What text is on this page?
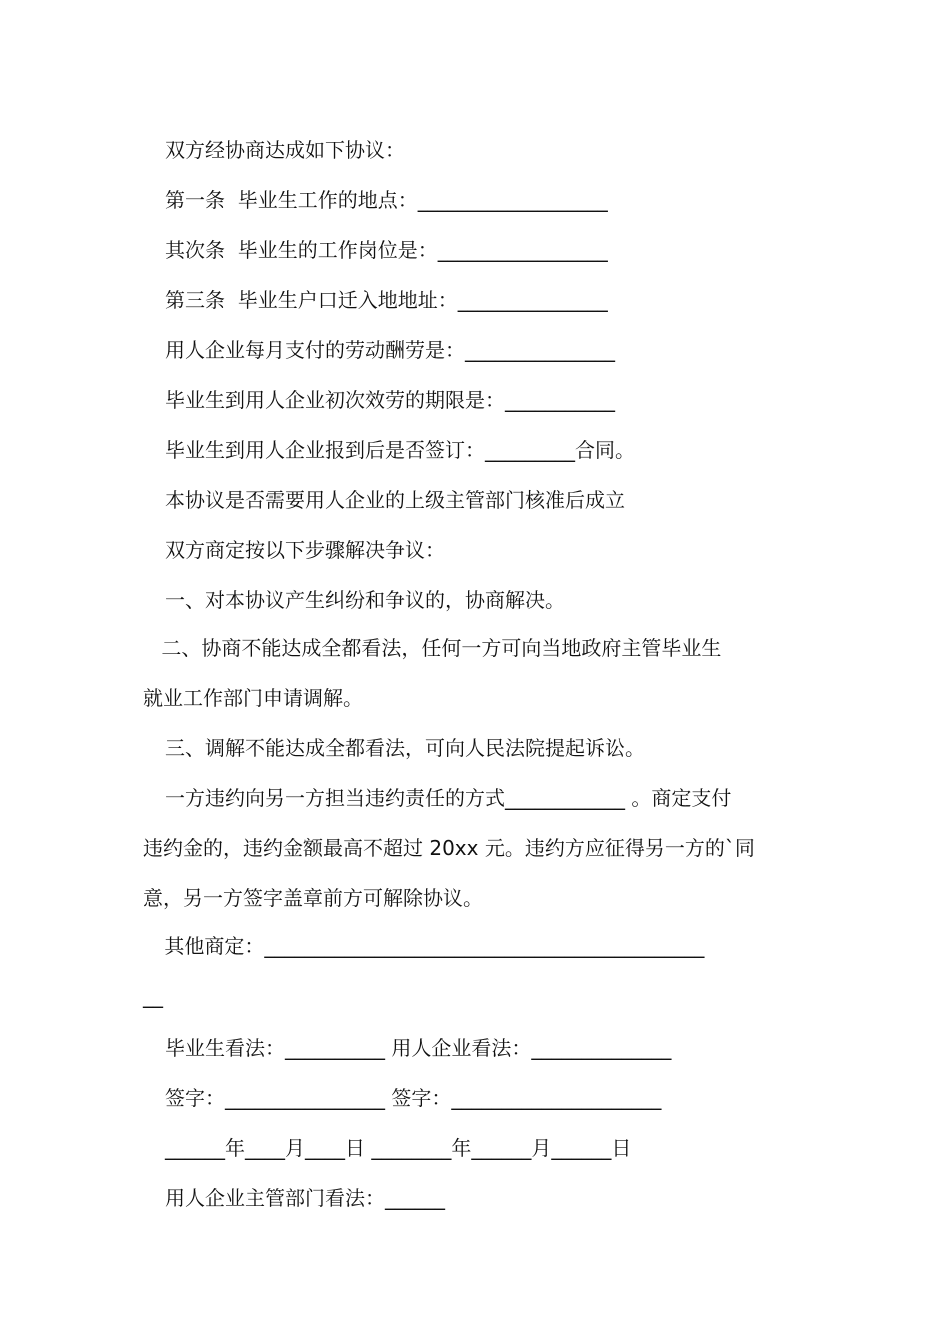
双方经协商达成如下协议：
第一条  毕业生工作的地点：___________________
其次条  毕业生的工作岗位是：_________________
第三条  毕业生户口迁入地地址：_______________
用人企业每月支付的劳动酬劳是：_______________
毕业生到用人企业初次效劳的期限是：___________
毕业生到用人企业报到后是否签订：_________合同。
本协议是否需要用人企业的上级主管部门核准后成立
双方商定按以下步骤解决争议：
一、对本协议产生纠纷和争议的，协商解决。
二、协商不能达成全都看法，任何一方可向当地政府主管毕业生
就业工作部门申请调解。
三、调解不能达成全都看法，可向人民法院提起诉讼。
一方违约向另一方担当违约责任的方式____________ 。商定支付
违约金的，违约金额最高不超过 20xx 元。违约方应征得另一方的`同
意，另一方签字盖章前方可解除协议。
其他商定：____________________________________________
__
毕业生看法：__________ 用人企业看法：______________
签字：________________ 签字：_____________________
______年____月____日 ________年______月______日
用人企业主管部门看法：______
